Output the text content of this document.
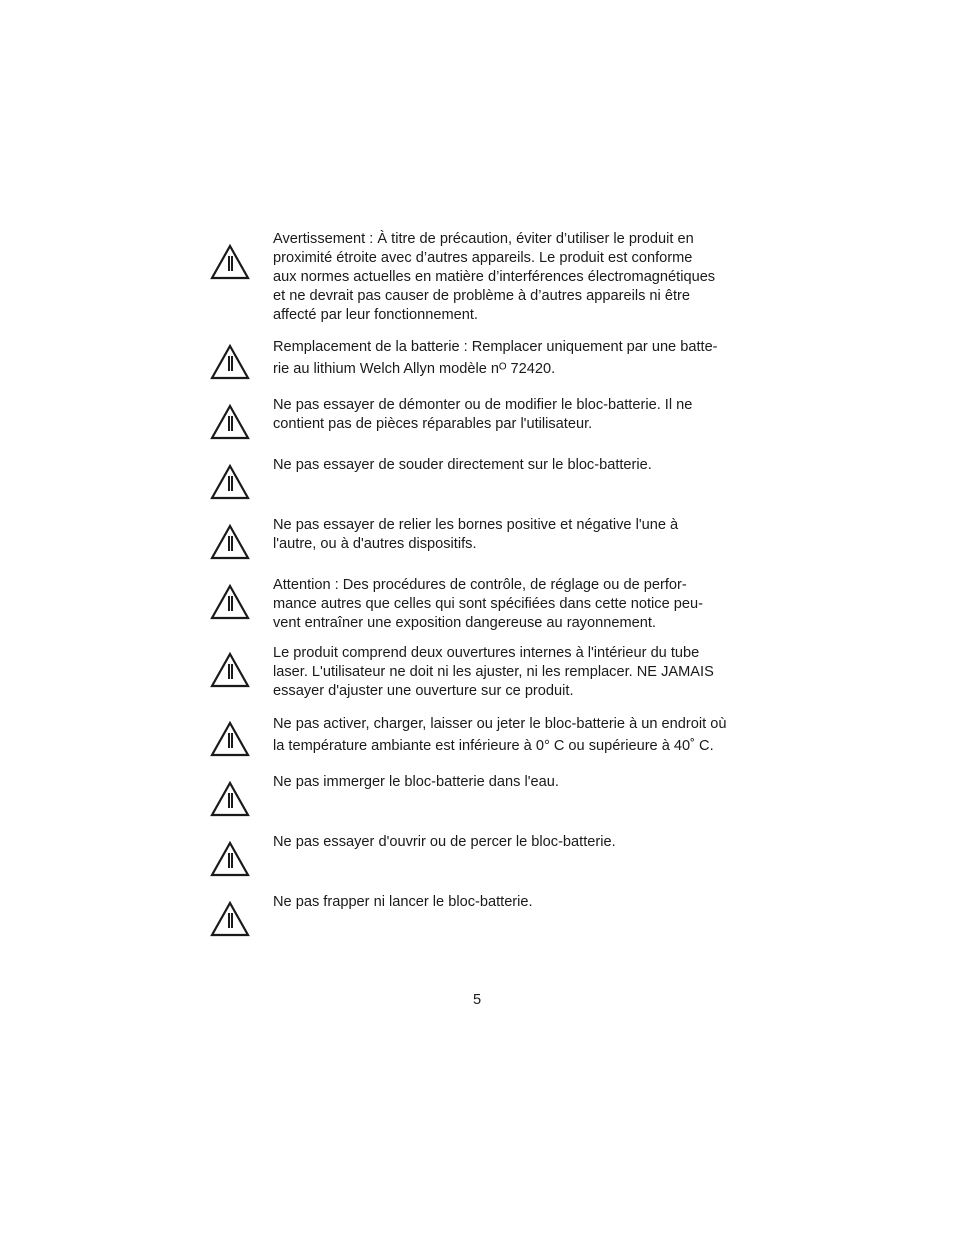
Avertissement : À titre de précaution, éviter d’utiliser le produit en
proximité étroite avec d’autres appareils. Le produit est conforme
aux normes actuelles en matière d’interférences électromagnétiques
et ne devrait pas causer de problème à d’autres appareils ni être
affecté par leur fonctionnement.

Remplacement de la batterie : Remplacer uniquement par une batte-
rie au lithium Welch Allyn modèle nᴼ 72420.

Ne pas essayer de démonter ou de modifier le bloc-batterie. Il ne
contient pas de pièces réparables par l'utilisateur.

Ne pas essayer de souder directement sur le bloc-batterie.

Ne pas essayer de relier les bornes positive et négative l'une à
l'autre, ou à d'autres dispositifs.

Attention : Des procédures de contrôle, de réglage ou de perfor-
mance autres que celles qui sont spécifiées dans cette notice peu-
vent entraîner une exposition dangereuse au rayonnement.

Le produit comprend deux ouvertures internes à l'intérieur du tube
laser. L'utilisateur ne doit ni les ajuster, ni les remplacer. NE JAMAIS
essayer d'ajuster une ouverture sur ce produit.

Ne pas activer, charger, laisser ou jeter le bloc-batterie à un endroit où
la température ambiante est inférieure à 0° C ou supérieure à 40˚ C.

Ne pas immerger le bloc-batterie dans l'eau.

Ne pas essayer d'ouvrir ou de percer le bloc-batterie.

Ne pas frapper ni lancer le bloc-batterie.

5
